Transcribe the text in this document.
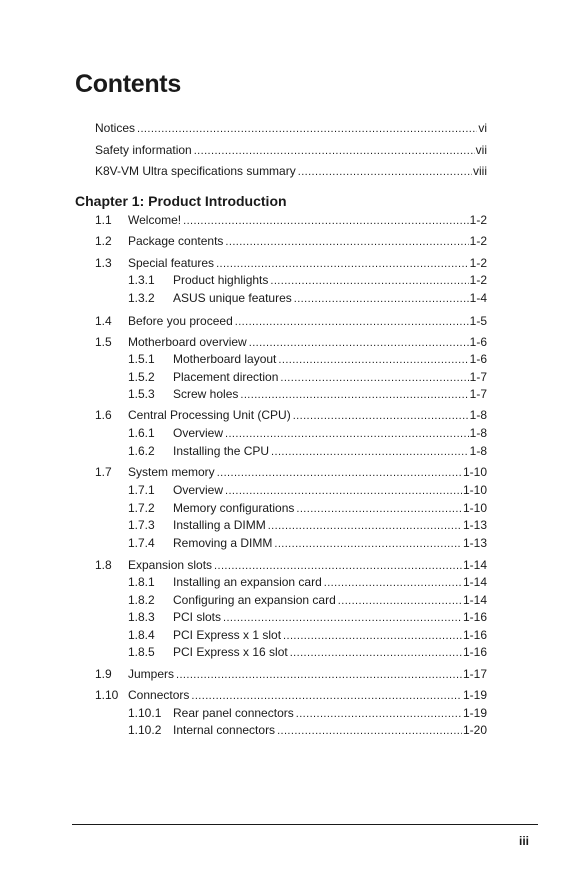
Contents
Notices .....	vi
Safety information .....	vii
K8V-VM Ultra specifications summary .....	viii
Chapter 1: Product Introduction
1.1 Welcome! .....	1-2
1.2 Package contents .....	1-2
1.3 Special features .....	1-2
1.3.1 Product highlights .....	1-2
1.3.2 ASUS unique features .....	1-4
1.4 Before you proceed .....	1-5
1.5 Motherboard overview .....	1-6
1.5.1 Motherboard layout .....	1-6
1.5.2 Placement direction .....	1-7
1.5.3 Screw holes .....	1-7
1.6 Central Processing Unit (CPU) .....	1-8
1.6.1 Overview .....	1-8
1.6.2 Installing the CPU .....	1-8
1.7 System memory .....	1-10
1.7.1 Overview .....	1-10
1.7.2 Memory configurations .....	1-10
1.7.3 Installing a DIMM .....	1-13
1.7.4 Removing a DIMM .....	1-13
1.8 Expansion slots .....	1-14
1.8.1 Installing an expansion card .....	1-14
1.8.2 Configuring an expansion card .....	1-14
1.8.3 PCI slots .....	1-16
1.8.4 PCI Express x 1 slot .....	1-16
1.8.5 PCI Express x 16 slot .....	1-16
1.9 Jumpers .....	1-17
1.10 Connectors .....	1-19
1.10.1 Rear panel connectors .....	1-19
1.10.2 Internal connectors .....	1-20
iii
